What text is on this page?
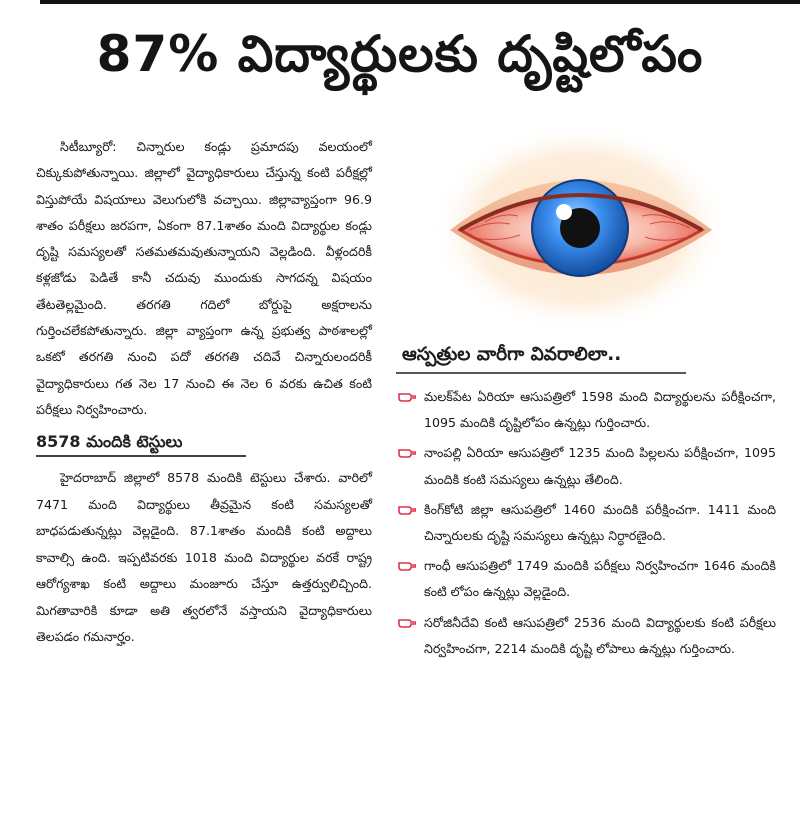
87% విద్యార్థులకు దృష్టిలోపం

సిటీబ్యూరో: చిన్నారుల కండ్లు ప్రమాదపు వలయంలో చిక్కుకుపోతున్నాయి. జిల్లాలో వైద్యాధికారులు చేస్తున్న కంటి పరీక్షల్లో విస్తుపోయే విషయాలు వెలుగులోకి వచ్చాయి. జిల్లావ్యాప్తంగా 96.9 శాతం పరీక్షలు జరపగా, ఏకంగా 87.1శాతం మంది విద్యార్థుల కండ్లు దృష్టి సమస్యలతో సతమతమవుతున్నాయని వెల్లడింది. వీళ్లందరికీ కళ్లజోడు పెడితే కానీ చదువు ముందుకు సాగదన్న విషయం తేటతెల్లమైంది. తరగతి గదిలో బోర్డుపై అక్షరాలను గుర్తించలేకపోతున్నారు. జిల్లా వ్యాప్తంగా ఉన్న ప్రభుత్వ పాఠశాలల్లో ఒకటో తరగతి నుంచి పదో తరగతి చదివే చిన్నారులందరికీ వైద్యాధికారులు గత నెల 17 నుంచి ఈ నెల 6 వరకు ఉచిత కంటి పరీక్షలు నిర్వహించారు.

8578 మందికి టెస్టులు

హైదరాబాద్ జిల్లాలో 8578 మందికి టెస్టులు చేశారు. వారిలో 7471 మంది విద్యార్థులు తీవ్రమైన కంటి సమస్యలతో బాధపడుతున్నట్లు వెల్లడైంది. 87.1శాతం మందికి కంటి అద్దాలు కావాల్సి ఉంది. ఇప్పటివరకు 1018 మంది విద్యార్థుల వరకే రాష్ట్ర ఆరోగ్యశాఖ కంటి అద్దాలు మంజూరు చేస్తూ ఉత్తర్వులిచ్చింది. మిగతావారికి కూడా అతి త్వరలోనే వస్తాయని వైద్యాధికారులు తెలపడం గమనార్హం.

ఆస్పత్రుల వారీగా వివరాలిలా..

మలక్‌పేట ఏరియా ఆసుపత్రిలో 1598 మంది విద్యార్థులను పరీక్షించగా, 1095 మందికి దృష్టిలోపం ఉన్నట్లు గుర్తించారు.

నాంపల్లి ఏరియా ఆసుపత్రిలో 1235 మంది పిల్లలను పరీక్షించగా, 1095 మందికి కంటి సమస్యలు ఉన్నట్లు తేలింది.

కింగ్‌కోటి జిల్లా ఆసుపత్రిలో 1460 మందికి పరీక్షించగా. 1411 మంది చిన్నారులకు దృష్టి సమస్యలు ఉన్నట్లు నిర్ధారణైంది.

గాంధీ ఆసుపత్రిలో 1749 మందికి పరీక్షలు నిర్వహించగా 1646 మందికి కంటి లోపం ఉన్నట్లు వెల్లడైంది.

సరోజినీదేవి కంటి ఆసుపత్రిలో 2536 మంది విద్యార్థులకు కంటి పరీక్షలు నిర్వహించగా, 2214 మందికి దృష్టి లోపాలు ఉన్నట్లు గుర్తించారు.
